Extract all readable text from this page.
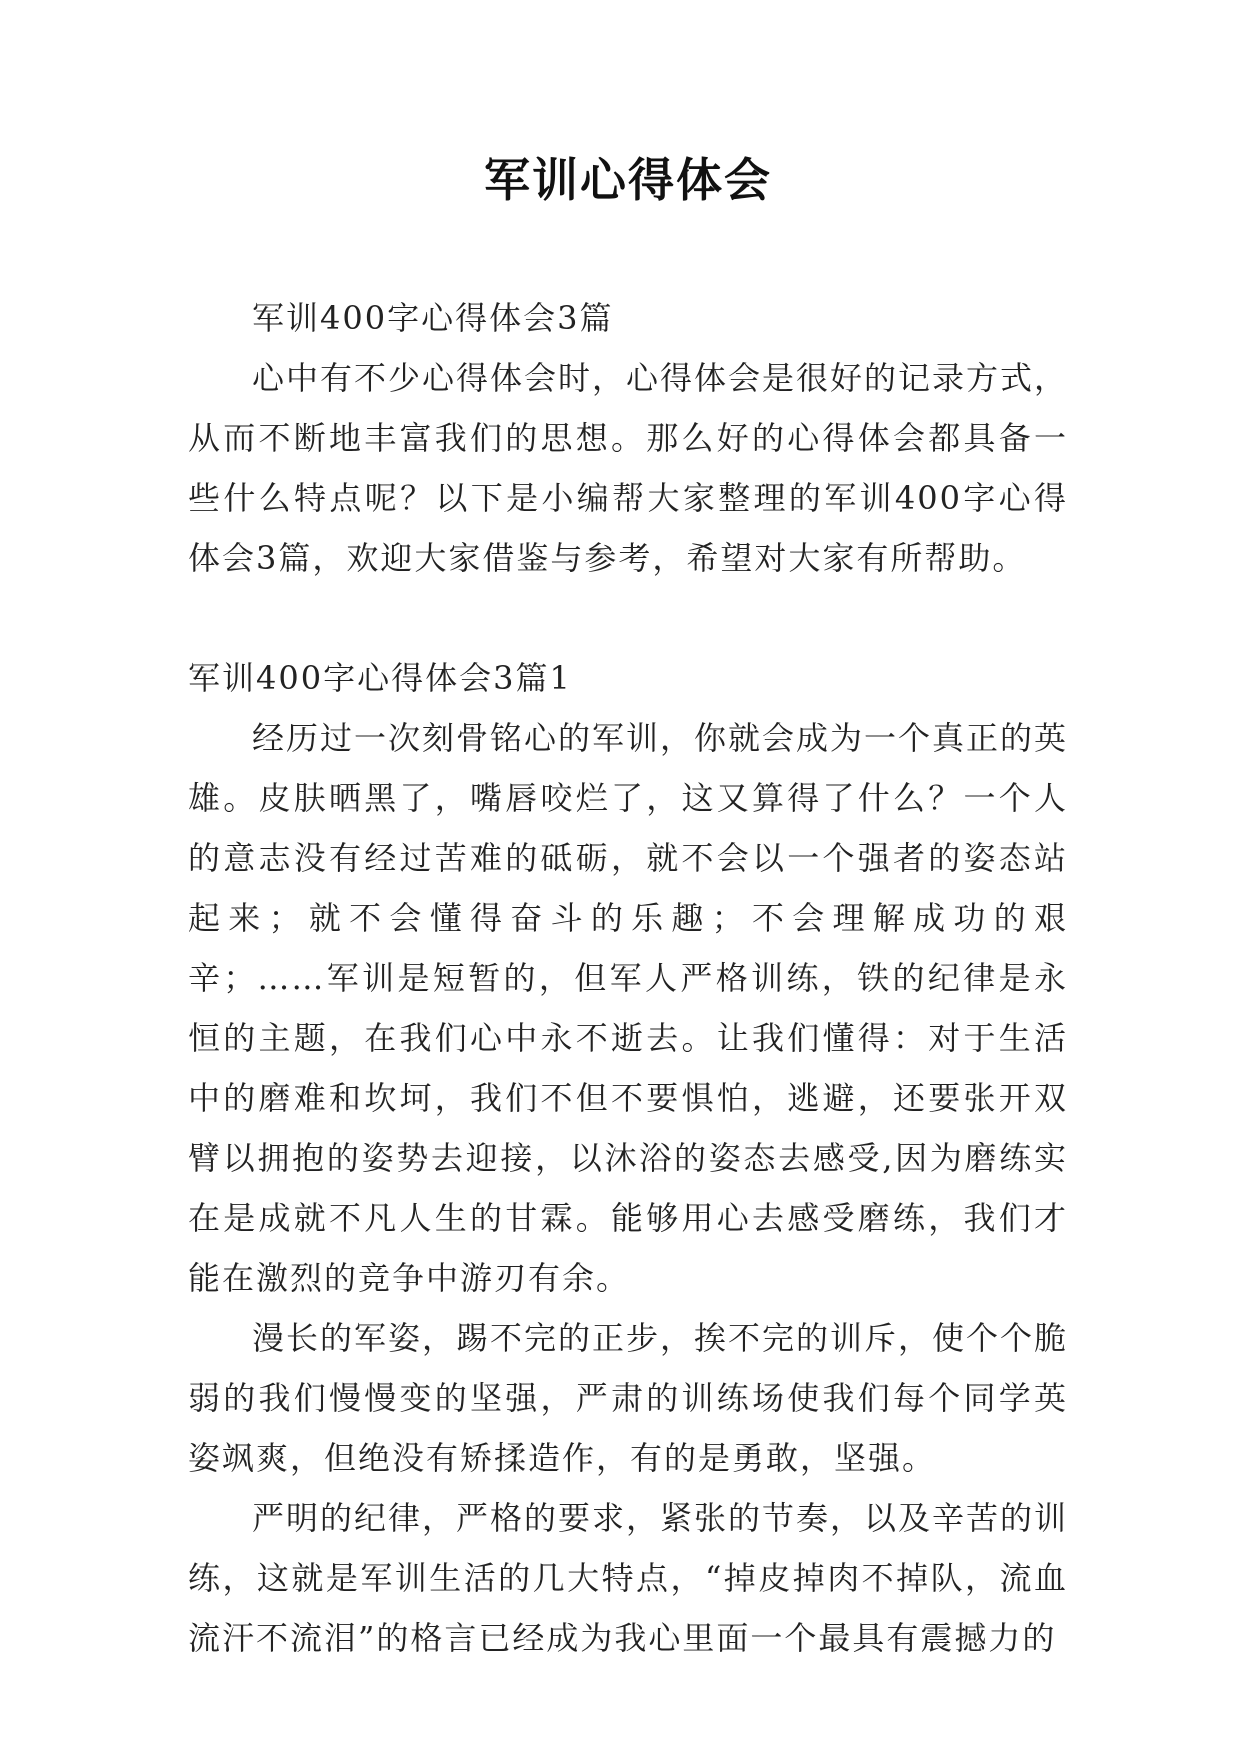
军训心得体会

军训400字心得体会3篇

心中有不少心得体会时，心得体会是很好的记录方式，从而不断地丰富我们的思想。那么好的心得体会都具备一些什么特点呢？以下是小编帮大家整理的军训400字心得体会3篇，欢迎大家借鉴与参考，希望对大家有所帮助。

军训400字心得体会3篇1

经历过一次刻骨铭心的军训，你就会成为一个真正的英雄。皮肤晒黑了，嘴唇咬烂了，这又算得了什么？一个人的意志没有经过苦难的砥砺，就不会以一个强者的姿态站起来；就不会懂得奋斗的乐趣；不会理解成功的艰辛；……军训是短暂的，但军人严格训练，铁的纪律是永恒的主题，在我们心中永不逝去。让我们懂得：对于生活中的磨难和坎坷，我们不但不要惧怕，逃避，还要张开双臂以拥抱的姿势去迎接，以沐浴的姿态去感受,因为磨练实在是成就不凡人生的甘霖。能够用心去感受磨练，我们才能在激烈的竞争中游刃有余。

漫长的军姿，踢不完的正步，挨不完的训斥，使个个脆弱的我们慢慢变的坚强，严肃的训练场使我们每个同学英姿飒爽，但绝没有矫揉造作，有的是勇敢，坚强。

严明的纪律，严格的要求，紧张的节奏，以及辛苦的训练，这就是军训生活的几大特点，“掉皮掉肉不掉队，流血流汗不流泪”的格言已经成为我心里面一个最具有震撼力的
